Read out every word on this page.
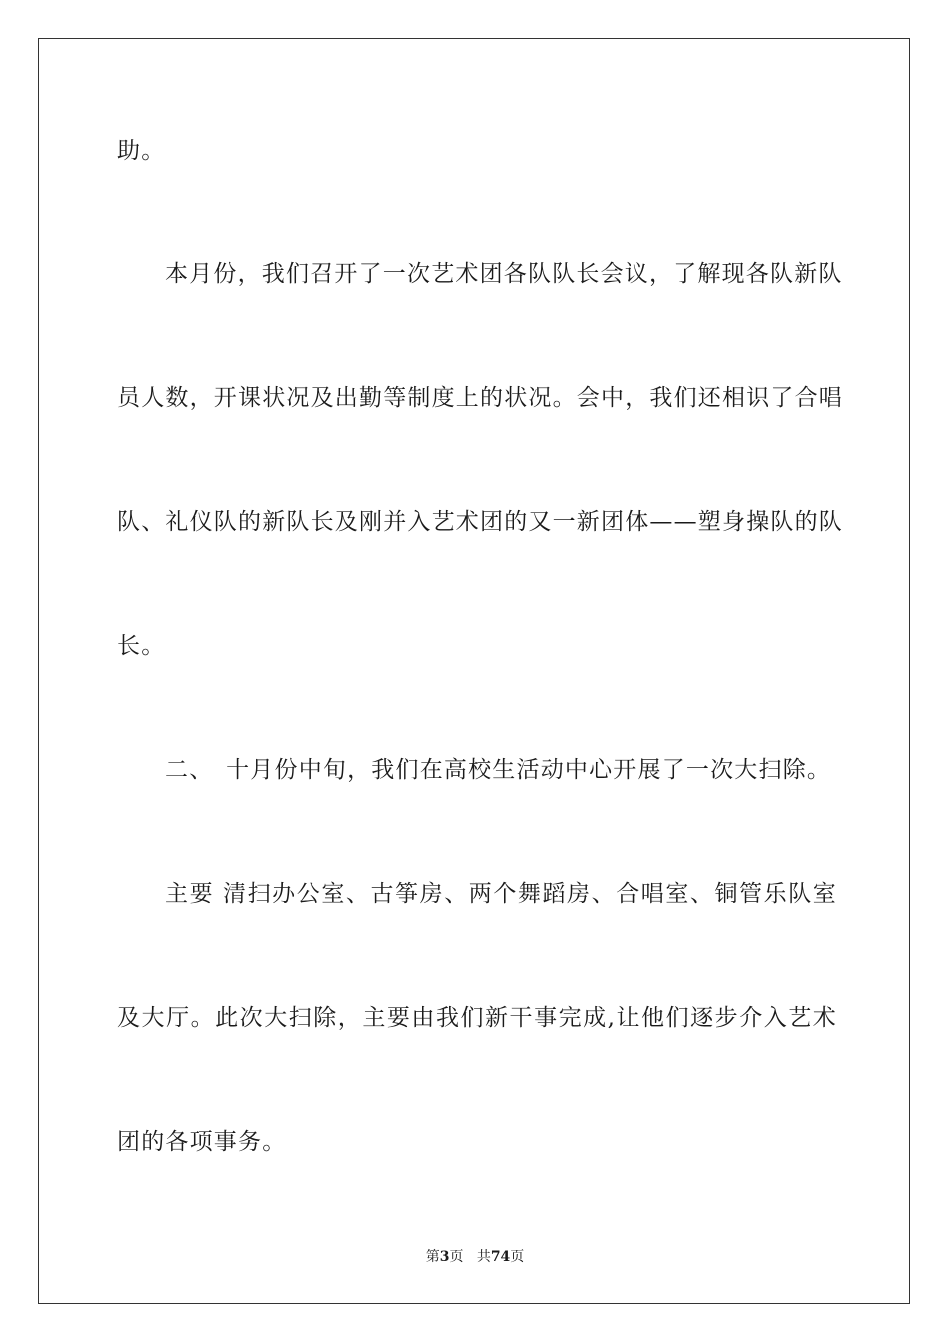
助。
本月份，我们召开了一次艺术团各队队长会议，了解现各队新队
员人数，开课状况及出勤等制度上的状况。会中，我们还相识了合唱
队、礼仪队的新队长及刚并入艺术团的又一新团体——塑身操队的队
长。
二、　十月份中旬，我们在高校生活动中心开展了一次大扫除。
主要 清扫办公室、古筝房、两个舞蹈房、合唱室、铜管乐队室
及大厅。此次大扫除，主要由我们新干事完成,让他们逐步介入艺术
团的各项事务。
第3页 共74页
